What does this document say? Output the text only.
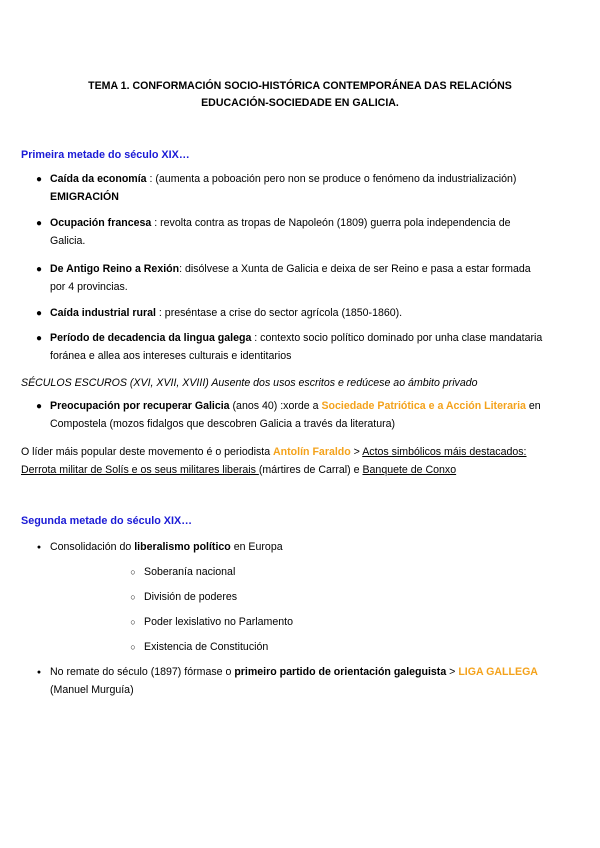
TEMA 1. CONFORMACIÓN SOCIO-HISTÓRICA CONTEMPORÁNEA DAS RELACIÓNS
EDUCACIÓN-SOCIEDADE EN GALICIA.
Primeira metade do século XIX…
● Caída da economía : (aumenta a poboación pero non se produce o fenómeno da industrialización)
EMIGRACIÓN
● Ocupación francesa : revolta contra as tropas de Napoleón (1809) guerra pola independencia de
Galicia.
● De Antigo Reino a Rexión: disólvese a Xunta de Galicia e deixa de ser Reino e pasa a estar formada
por 4 provincias.
● Caída industrial rural : preséntase a crise do sector agrícola (1850-1860).
● Período de decadencia da lingua galega : contexto socio político dominado por unha clase mandataria
foránea e allea aos intereses culturais e identitarios
SÉCULOS ESCUROS (XVI, XVII, XVIII) Ausente dos usos escritos e redúcese ao ámbito privado
● Preocupación por recuperar Galicia (anos 40) :xorde a Sociedade Patriótica e a Acción Literaria en
Compostela (mozos fidalgos que descobren Galicia a través da literatura)
O líder máis popular deste movemento é o periodista Antolín Faraldo > Actos simbólicos máis destacados:
Derrota militar de Solís e os seus militares liberais (mártires de Carral) e Banquete de Conxo
Segunda metade do século XIX…
● Consolidación do liberalismo político en Europa
○ Soberanía nacional
○ División de poderes
○ Poder lexislativo no Parlamento
○ Existencia de Constitución
● No remate do século (1897) fórmase o primeiro partido de orientación galeguista > LIGA GALLEGA
(Manuel Murguía)
